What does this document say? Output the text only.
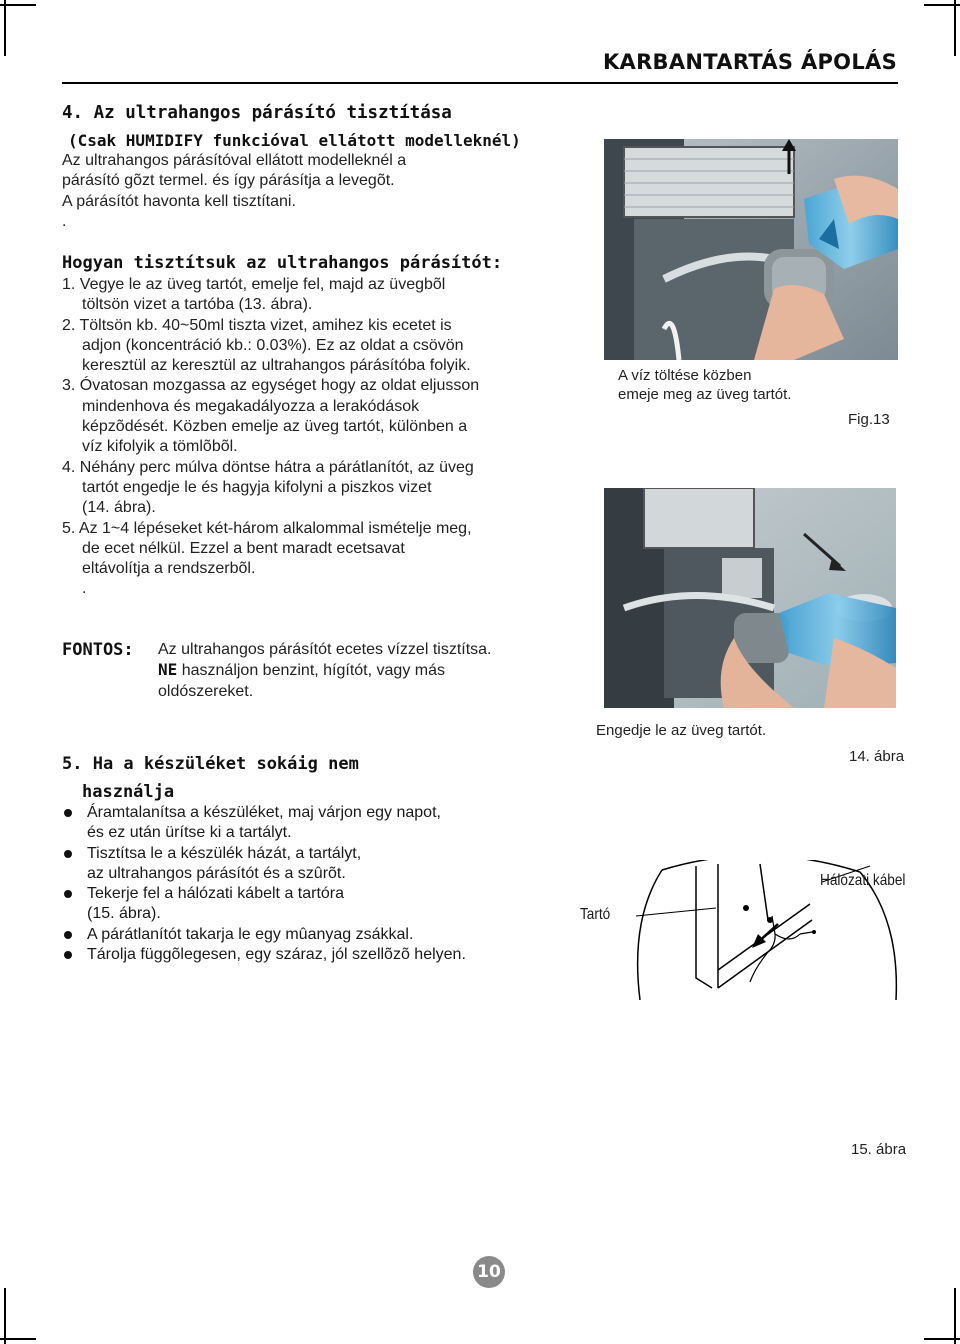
KARBANTARTÁS ÁPOLÁS
4. Az ultrahangos párásító tisztítása
(Csak HUMIDIFY funkcióval ellátott modelleknél)
Az ultrahangos párásítóval ellátott modelleknél a
párásító gõzt termel. és így párásítja a levegõt.
A párásítót havonta kell tisztítani.
.
Hogyan tisztítsuk az ultrahangos párásítót:
1. Vegye le az üveg tartót, emelje fel, majd az üvegbõl
töltsön vizet a tartóba (13. ábra).
2. Töltsön kb. 40~50ml tiszta vizet, amihez kis ecetet is
adjon (koncentráció kb.: 0.03%). Ez az oldat a csövön
keresztül az keresztül az ultrahangos párásítóba folyik.
3. Óvatosan mozgassa az egységet hogy az oldat eljusson
mindenhova és megakadályozza a lerakódások
képzõdését. Közben emelje az üveg tartót, különben a
víz kifolyik a tömlõbõl.
4. Néhány perc múlva döntse hátra a párátlanítót, az üveg
tartót engedje le és hagyja kifolyni a piszkos vizet
(14. ábra).
5. Az 1~4 lépéseket két-három alkalommal ismételje meg,
de ecet nélkül. Ezzel a bent maradt ecetsavat
eltávolítja a rendszerbõl.
.
FONTOS: Az ultrahangos párásítót ecetes vízzel tisztítsa.
NE használjon benzint, hígítót, vagy más
oldószereket.
5. Ha a készüléket sokáig nem
használja
Áramtalanítsa a készüléket, maj várjon egy napot,
és ez után ürítse ki a tartályt.
Tisztítsa le a készülék házát, a tartályt,
az ultrahangos párásítót és a szûrõt.
Tekerje fel a hálózati kábelt a tartóra
(15. ábra).
A párátlanítót takarja le egy mûanyag zsákkal.
Tárolja függõlegesen, egy száraz, jól szellõzõ helyen.
A víz töltése közben
emeje meg az üveg tartót.
Fig.13
Engedje le az üveg tartót.
14. ábra
Hálózati kábel
Tartó
15. ábra
10
